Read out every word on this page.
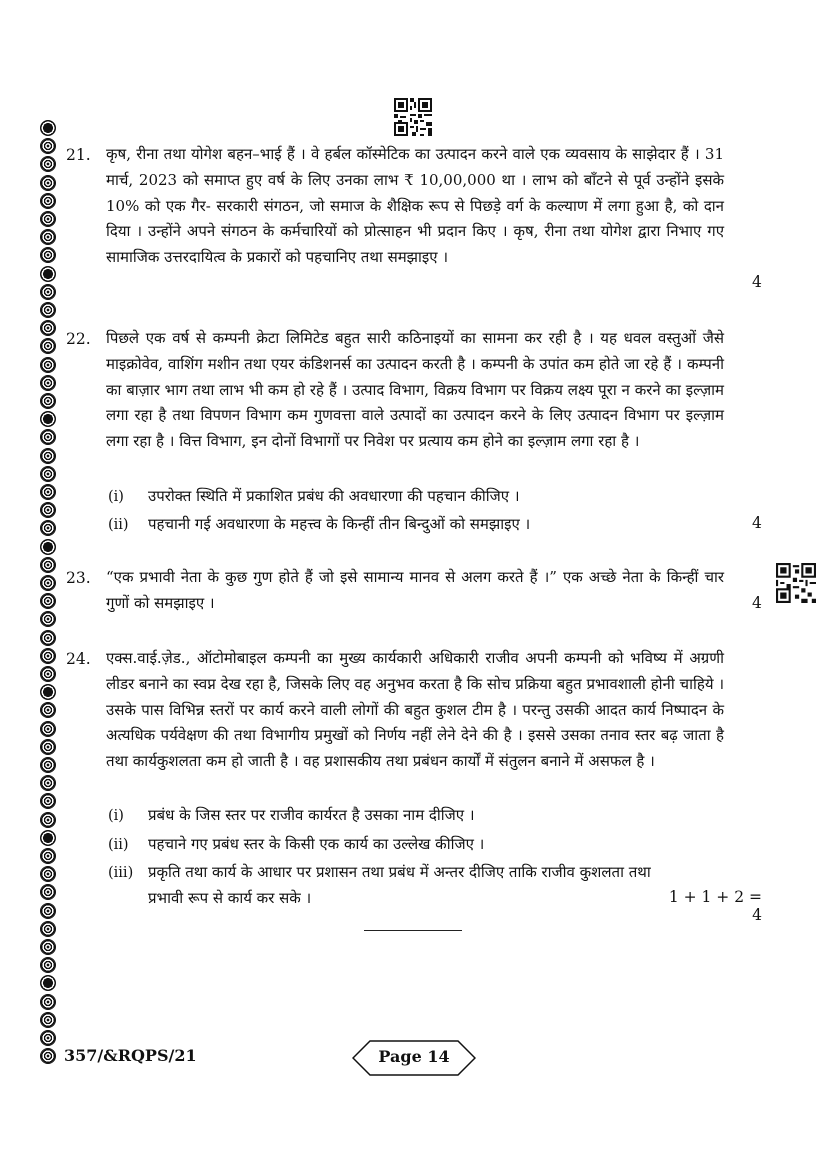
21. कृष, रीना तथा योगेश बहन–भाई हैं । वे हर्बल कॉस्मेटिक का उत्पादन करने वाले एक व्यवसाय के साझेदार हैं । 31 मार्च, 2023 को समाप्त हुए वर्ष के लिए उनका लाभ ₹ 10,00,000 था । लाभ को बाँटने से पूर्व उन्होंने इसके 10% को एक गैर- सरकारी संगठन, जो समाज के शैक्षिक रूप से पिछड़े वर्ग के कल्याण में लगा हुआ है, को दान दिया । उन्होंने अपने संगठन के कर्मचारियों को प्रोत्साहन भी प्रदान किए । कृष, रीना तथा योगेश द्वारा निभाए गए सामाजिक उत्तरदायित्व के प्रकारों को पहचानिए तथा समझाइए ।
4
22. पिछले एक वर्ष से कम्पनी क्रेटा लिमिटेड बहुत सारी कठिनाइयों का सामना कर रही है । यह धवल वस्तुओं जैसे माइक्रोवेव, वाशिंग मशीन तथा एयर कंडिशनर्स का उत्पादन करती है । कम्पनी के उपांत कम होते जा रहे हैं । कम्पनी का बाज़ार भाग तथा लाभ भी कम हो रहे हैं । उत्पाद विभाग, विक्रय विभाग पर विक्रय लक्ष्य पूरा न करने का इल्ज़ाम लगा रहा है तथा विपणन विभाग कम गुणवत्ता वाले उत्पादों का उत्पादन करने के लिए उत्पादन विभाग पर इल्ज़ाम लगा रहा है । वित्त विभाग, इन दोनों विभागों पर निवेश पर प्रत्याय कम होने का इल्ज़ाम लगा रहा है ।
(i) उपरोक्त स्थिति में प्रकाशित प्रबंध की अवधारणा की पहचान कीजिए ।
(ii) पहचानी गई अवधारणा के महत्त्व के किन्हीं तीन बिन्दुओं को समझाइए ।	4
23. “एक प्रभावी नेता के कुछ गुण होते हैं जो इसे सामान्य मानव से अलग करते हैं ।” एक अच्छे नेता के किन्हीं चार गुणों को समझाइए ।	4
24. एक्स.वाई.ज़ेड., ऑटोमोबाइल कम्पनी का मुख्य कार्यकारी अधिकारी राजीव अपनी कम्पनी को भविष्य में अग्रणी लीडर बनाने का स्वप्न देख रहा है, जिसके लिए वह अनुभव करता है कि सोच प्रक्रिया बहुत प्रभावशाली होनी चाहिये । उसके पास विभिन्न स्तरों पर कार्य करने वाली लोगों की बहुत कुशल टीम है । परन्तु उसकी आदत कार्य निष्पादन के अत्यधिक पर्यवेक्षण की तथा विभागीय प्रमुखों को निर्णय नहीं लेने देने की है । इससे उसका तनाव स्तर बढ़ जाता है तथा कार्यकुशलता कम हो जाती है । वह प्रशासकीय तथा प्रबंधन कार्यों में संतुलन बनाने में असफल है ।
(i) प्रबंध के जिस स्तर पर राजीव कार्यरत है उसका नाम दीजिए ।
(ii) पहचाने गए प्रबंध स्तर के किसी एक कार्य का उल्लेख कीजिए ।
(iii) प्रकृति तथा कार्य के आधार पर प्रशासन तथा प्रबंध में अन्तर दीजिए ताकि राजीव कुशलता तथा प्रभावी रूप से कार्य कर सके ।	1 + 1 + 2 = 4
357/&RQPS/21	Page 14
